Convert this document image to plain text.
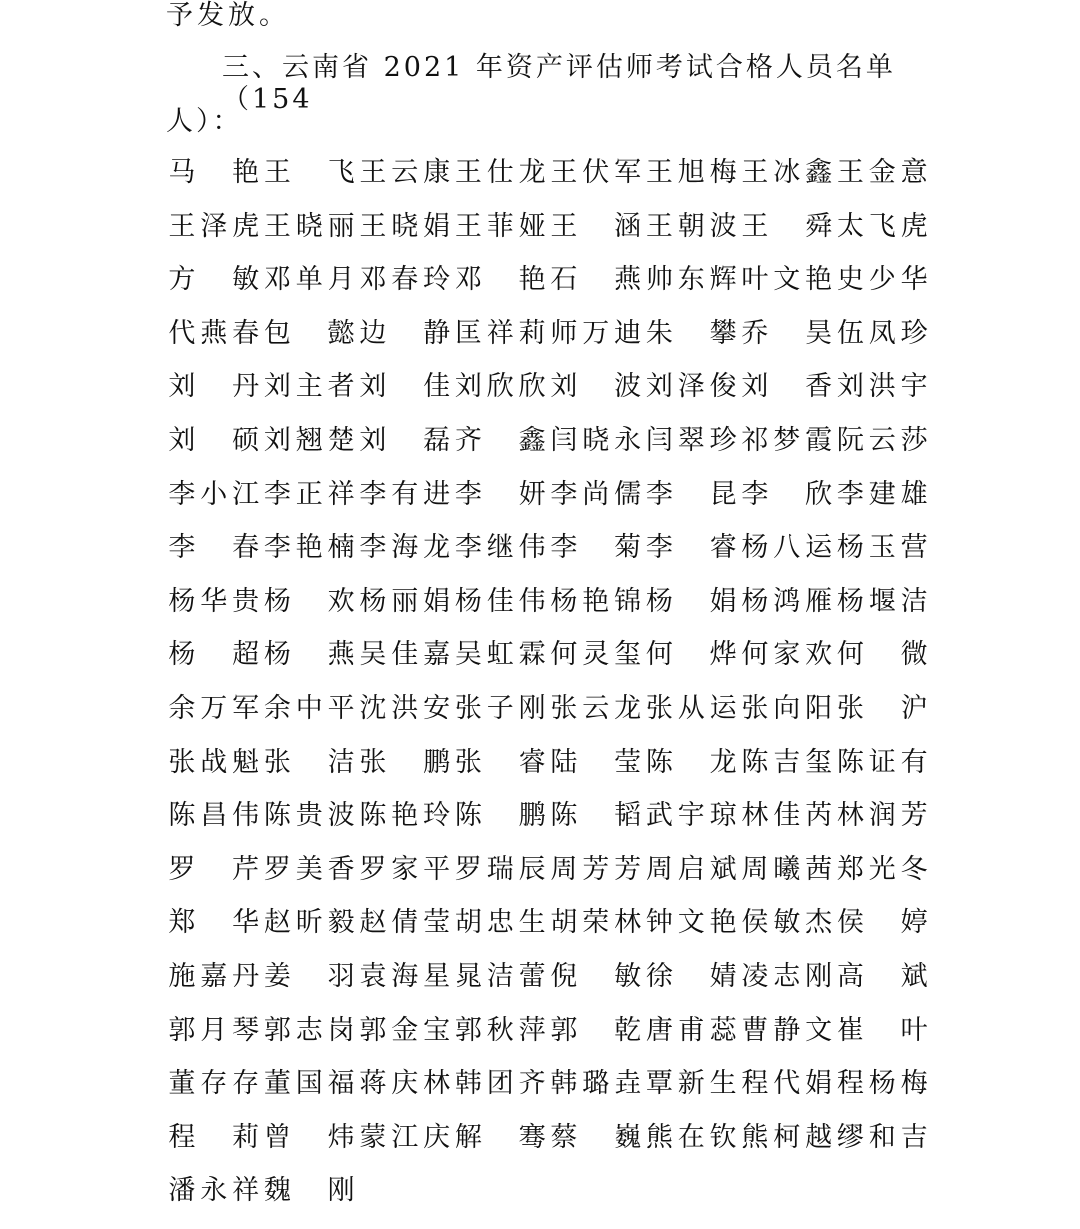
予发放。
三、云南省 2021 年资产评估师考试合格人员名单（154
人）：
马 艳 王 飞 王 云 康 王 仕 龙 王 伏 军 王 旭 梅 王 冰 鑫 王 金 意
王 泽 虎 王 晓 丽 王 晓 娟 王 菲 娅 王 涵 王 朝 波 王 舜 太 飞 虎
方 敏 邓 单 月 邓 春 玲 邓 艳 石 燕 帅 东 辉 叶 文 艳 史 少 华
代 燕 春 包 懿 边 静 匡 祥 莉 师 万 迪 朱 攀 乔 昊 伍 凤 珍
刘 丹 刘 主 者 刘 佳 刘 欣 欣 刘 波 刘 泽 俊 刘 香 刘 洪 宇
刘 硕 刘 翘 楚 刘 磊 齐 鑫 闫 晓 永 闫 翠 珍 祁 梦 霞 阮 云 莎
李 小 江 李 正 祥 李 有 进 李 妍 李 尚 儒 李 昆 李 欣 李 建 雄
李 春 李 艳 楠 李 海 龙 李 继 伟 李 菊 李 睿 杨 八 运 杨 玉 营
杨 华 贵 杨 欢 杨 丽 娟 杨 佳 伟 杨 艳 锦 杨 娟 杨 鸿 雁 杨 堰 洁
杨 超 杨 燕 吴 佳 嘉 吴 虹 霖 何 灵 玺 何 烨 何 家 欢 何 微
余 万 军 余 中 平 沈 洪 安 张 子 刚 张 云 龙 张 从 运 张 向 阳 张 沪
张 战 魁 张 洁 张 鹏 张 睿 陆 莹 陈 龙 陈 吉 玺 陈 证 有
陈 昌 伟 陈 贵 波 陈 艳 玲 陈 鹏 陈 韬 武 宇 琼 林 佳 芮 林 润 芳
罗 芹 罗 美 香 罗 家 平 罗 瑞 辰 周 芳 芳 周 启 斌 周 曦 茜 郑 光 冬
郑 华 赵 昕 毅 赵 倩 莹 胡 忠 生 胡 荣 林 钟 文 艳 侯 敏 杰 侯 婷
施 嘉 丹 姜 羽 袁 海 星 晁 洁 蕾 倪 敏 徐 婧 凌 志 刚 高 斌
郭 月 琴 郭 志 岗 郭 金 宝 郭 秋 萍 郭 乾 唐 甫 蕊 曹 静 文 崔 叶
董 存 存 董 国 福 蒋 庆 林 韩 团 齐 韩 璐 垚 覃 新 生 程 代 娟 程 杨 梅
程 莉 曾 炜 蒙 江 庆 解 骞 蔡 巍 熊 在 钦 熊 柯 越 缪 和 吉
潘 永 祥 魏 刚
